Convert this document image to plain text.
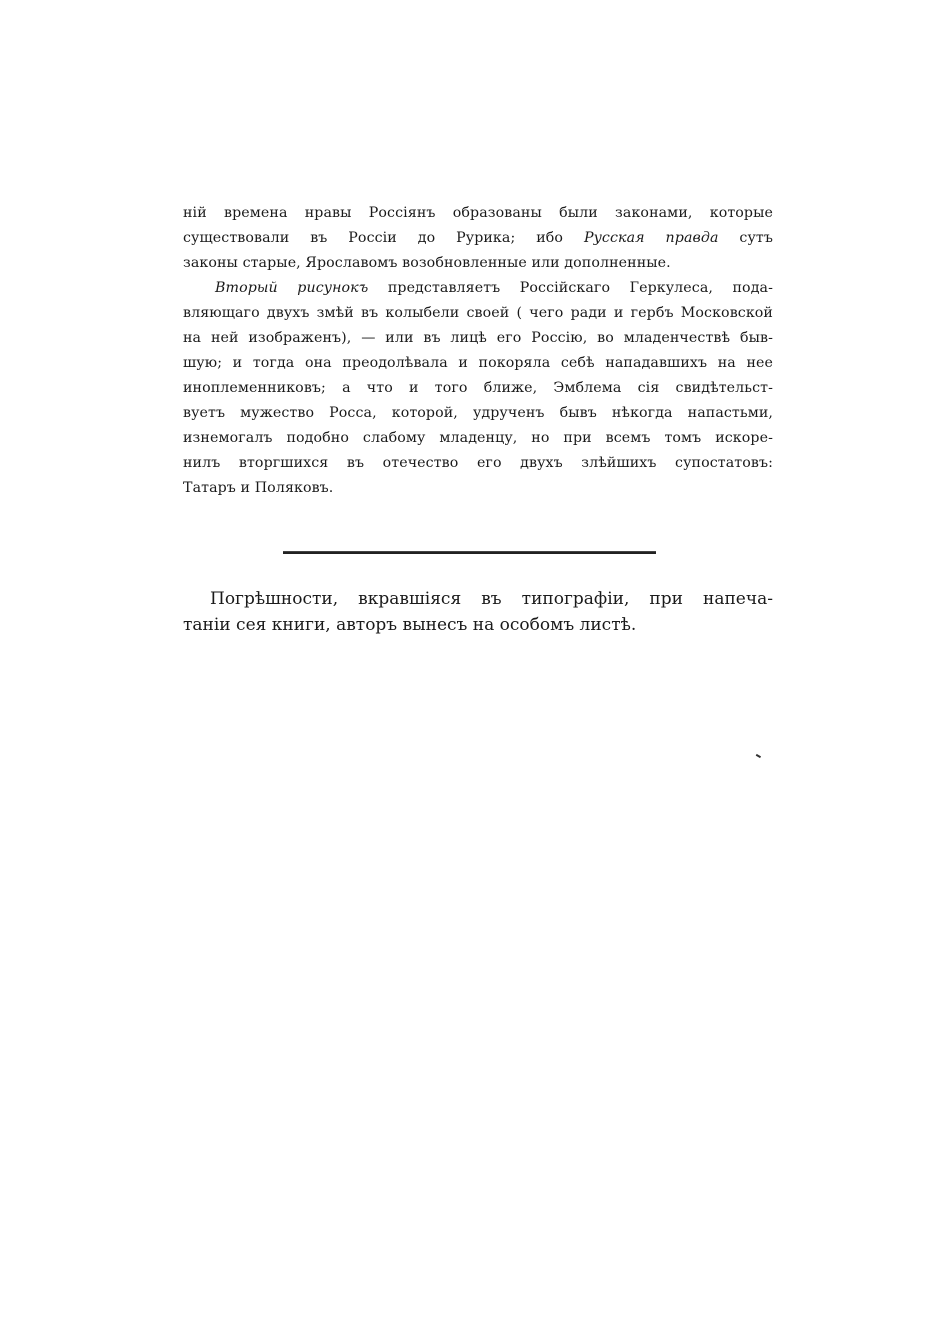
ній времена нравы Россіянъ образованы были законами, которые
существовали въ Россіи до Рурика; ибо Русская правда сутъ
законы старые, Ярославомъ возобновленные или дополненные.
Вторый рисунокъ представляетъ Россійскаго Геркулеса, пода-
вляющаго двухъ змѣй въ колыбели своей ( чего ради и гербъ Московской
на ней изображенъ), — или въ лицѣ его Россію, во младенчествѣ быв-
шую; и тогда она преодолѣвала и покоряла себѣ нападавшихъ на нее
иноплеменниковъ; а что и того ближе, Эмблема сія свидѣтельст-
вуетъ мужество Росса, которой, удрученъ бывъ нѣкогда напастьми,
изнемогалъ подобно слабому младенцу, но при всемъ томъ искоре-
нилъ вторгшихся въ отечество его двухъ злѣйшихъ супостатовъ:
Татаръ и Поляковъ.
Погрѣшности, вкравшіяся въ типографіи, при напеча-
таніи сея книги, авторъ вынесъ на особомъ листѣ.
